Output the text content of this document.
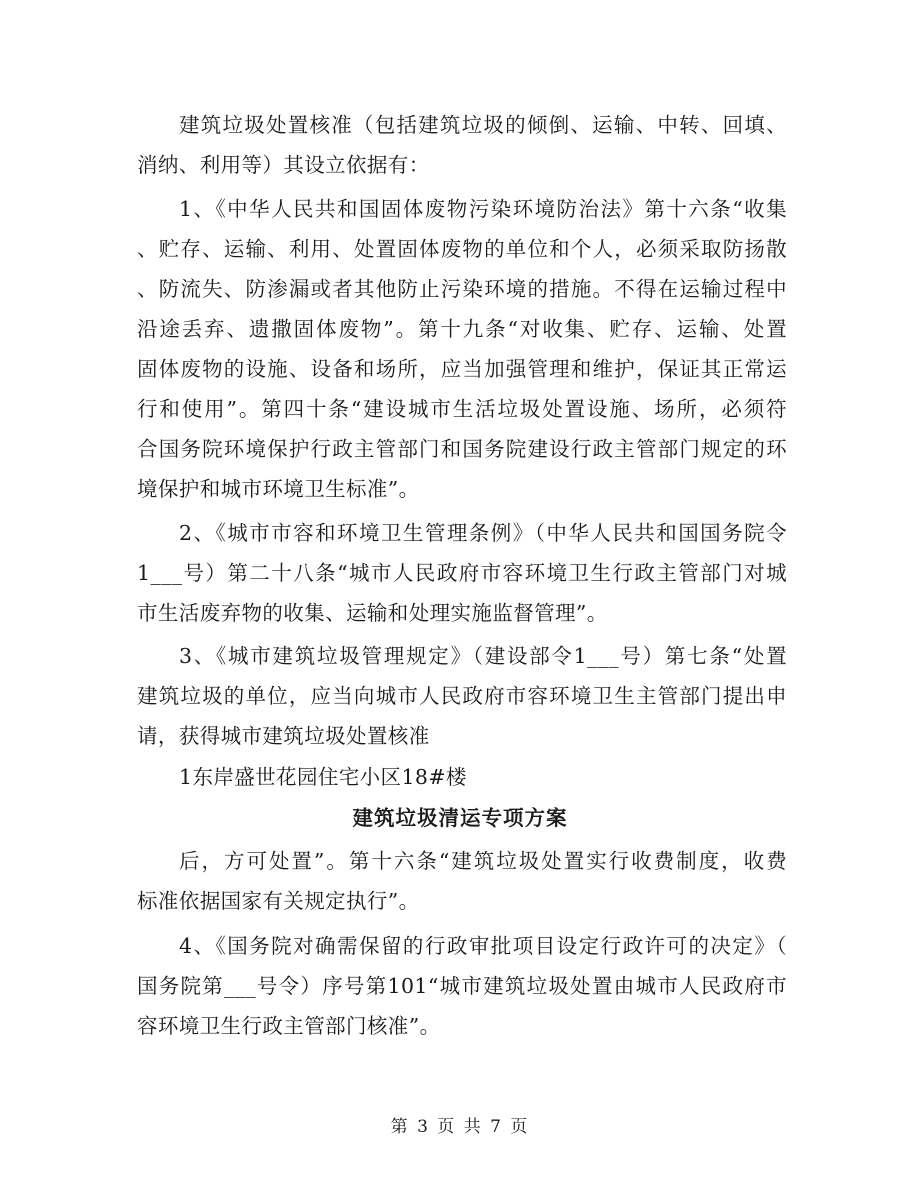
建筑垃圾处置核准（包括建筑垃圾的倾倒、运输、中转、回填、
消纳、利用等）其设立依据有：
1、《中华人民共和国固体废物污染环境防治法》第十六条“收集
、贮存、运输、利用、处置固体废物的单位和个人，必须采取防扬散
、防流失、防渗漏或者其他防止污染环境的措施。不得在运输过程中
沿途丢弃、遗撒固体废物”。第十九条“对收集、贮存、运输、处置
固体废物的设施、设备和场所，应当加强管理和维护，保证其正常运
行和使用”。第四十条“建设城市生活垃圾处置设施、场所，必须符
合国务院环境保护行政主管部门和国务院建设行政主管部门规定的环
境保护和城市环境卫生标准”。
2、《城市市容和环境卫生管理条例》（中华人民共和国国务院令
1___号）第二十八条“城市人民政府市容环境卫生行政主管部门对城
市生活废弃物的收集、运输和处理实施监督管理”。
3、《城市建筑垃圾管理规定》（建设部令1___号）第七条“处置
建筑垃圾的单位，应当向城市人民政府市容环境卫生主管部门提出申
请，获得城市建筑垃圾处置核准
1东岸盛世花园住宅小区18#楼
建筑垃圾清运专项方案
后，方可处置”。第十六条“建筑垃圾处置实行收费制度，收费
标准依据国家有关规定执行”。
4、《国务院对确需保留的行政审批项目设定行政许可的决定》（
国务院第___号令）序号第101“城市建筑垃圾处置由城市人民政府市
容环境卫生行政主管部门核准”。
第 3 页 共 7 页
